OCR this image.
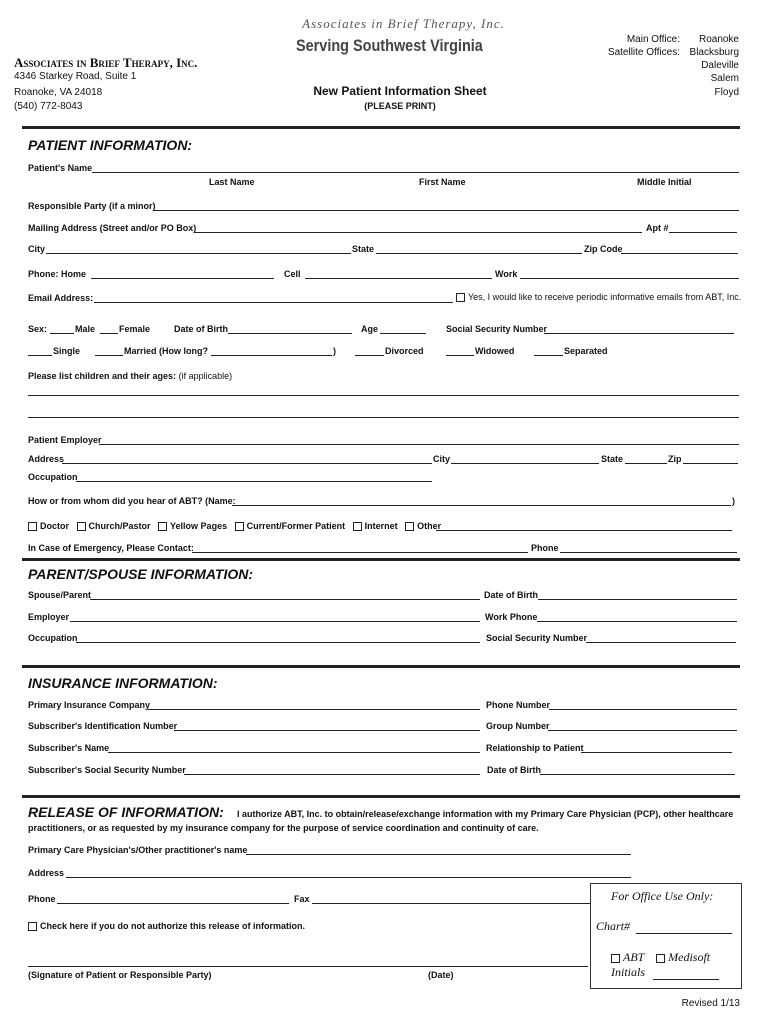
Associates in Brief Therapy, Inc.
Serving Southwest Virginia
Associates in Brief Therapy, Inc.
4346 Starkey Road, Suite 1
Roanoke, VA 24018
(540) 772-8043
New Patient Information Sheet
(PLEASE PRINT)
Main Office:	Roanoke
Satellite Offices: Blacksburg
Daleville
Salem
Floyd
PATIENT INFORMATION:
Patient's Name
Last Name	First Name	Middle Initial
Responsible Party (if a minor)
Mailing Address (Street and/or PO Box)	Apt #
City	State	Zip Code
Phone: Home	Cell	Work
Email Address:	Yes, I would like to receive periodic informative emails from ABT, Inc.
Sex:	Male	Female	Date of Birth	Age	Social Security Number
Single	Married (How long?	)	Divorced	Widowed	Separated
Please list children and their ages: (if applicable)
Patient Employer
Address	City	State	Zip
Occupation
How or from whom did you hear of ABT? (Name:	)
Doctor Church/Pastor Yellow Pages Current/Former Patient Internet Other
In Case of Emergency, Please Contact:	Phone
PARENT/SPOUSE INFORMATION:
Spouse/Parent	Date of Birth
Employer	Work Phone
Occupation	Social Security Number
INSURANCE INFORMATION:
Primary Insurance Company	Phone Number
Subscriber's Identification Number	Group Number
Subscriber's Name	Relationship to Patient
Subscriber's Social Security Number	Date of Birth
RELEASE OF INFORMATION: I authorize ABT, Inc. to obtain/release/exchange information with my Primary Care Physician (PCP), other healthcare
practitioners, or as requested by my insurance company for the purpose of service coordination and continuity of care.
Primary Care Physician's/Other practitioner's name
Address
Phone	Fax
Check here if you do not authorize this release of information.
(Signature of Patient or Responsible Party)	(Date)
For Office Use Only:
Chart#
ABT Medisoft
Initials
Revised 1/13
